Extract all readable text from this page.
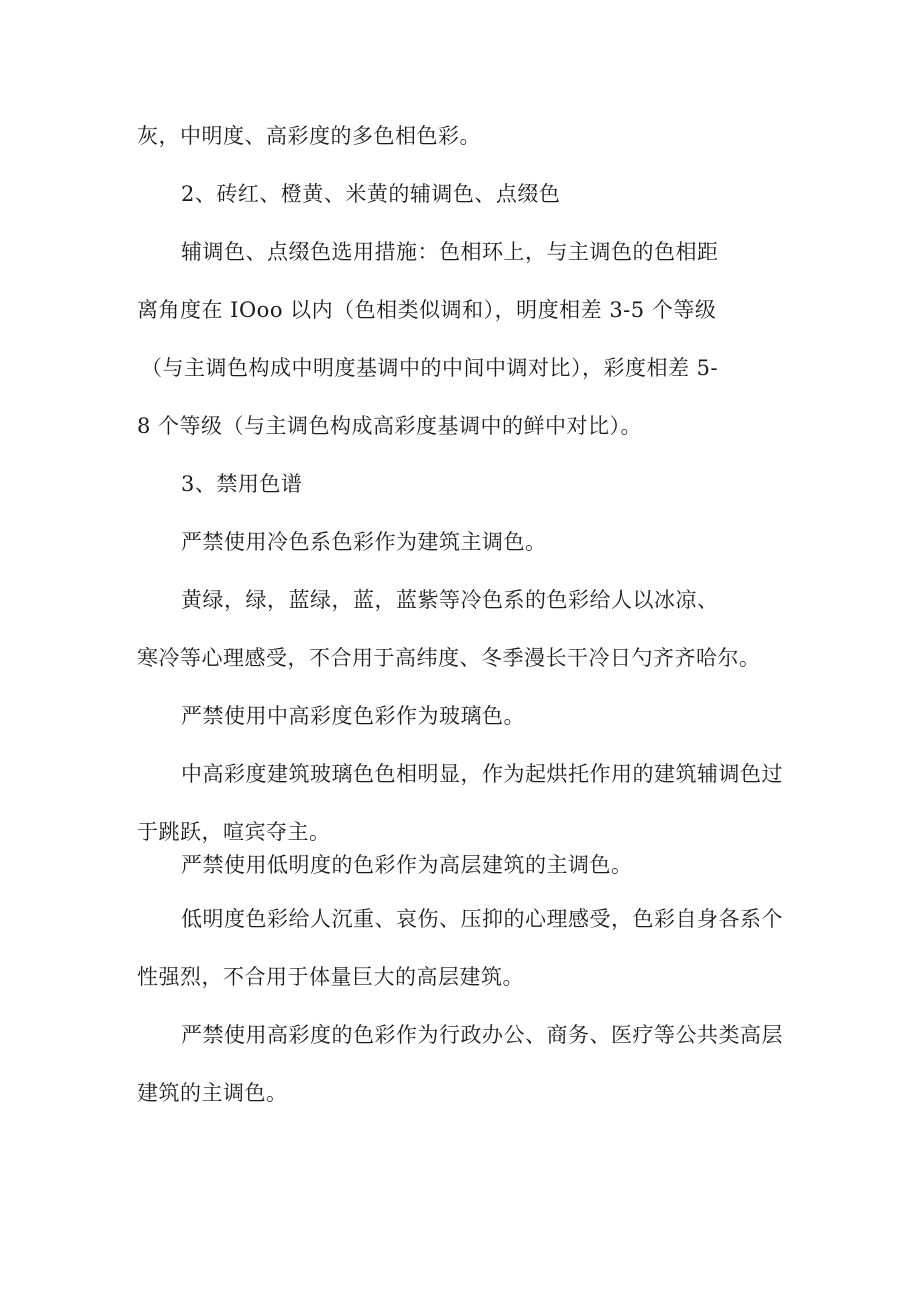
灰，中明度、高彩度的多色相色彩。

2、砖红、橙黄、米黄的辅调色、点缀色

辅调色、点缀色选用措施：色相环上，与主调色的色相距

离角度在 IOoo 以内（色相类似调和），明度相差 3-5 个等级

（与主调色构成中明度基调中的中间中调对比），彩度相差 5-

8 个等级（与主调色构成高彩度基调中的鲜中对比）。

3、禁用色谱

严禁使用冷色系色彩作为建筑主调色。

黄绿，绿，蓝绿，蓝，蓝紫等冷色系的色彩给人以冰凉、

寒冷等心理感受，不合用于高纬度、冬季漫长干冷日勺齐齐哈尔。

严禁使用中高彩度色彩作为玻璃色。

中高彩度建筑玻璃色色相明显，作为起烘托作用的建筑辅调色过

于跳跃，喧宾夺主。

严禁使用低明度的色彩作为高层建筑的主调色。

低明度色彩给人沉重、哀伤、压抑的心理感受，色彩自身各系个

性强烈，不合用于体量巨大的高层建筑。

严禁使用高彩度的色彩作为行政办公、商务、医疗等公共类高层

建筑的主调色。
